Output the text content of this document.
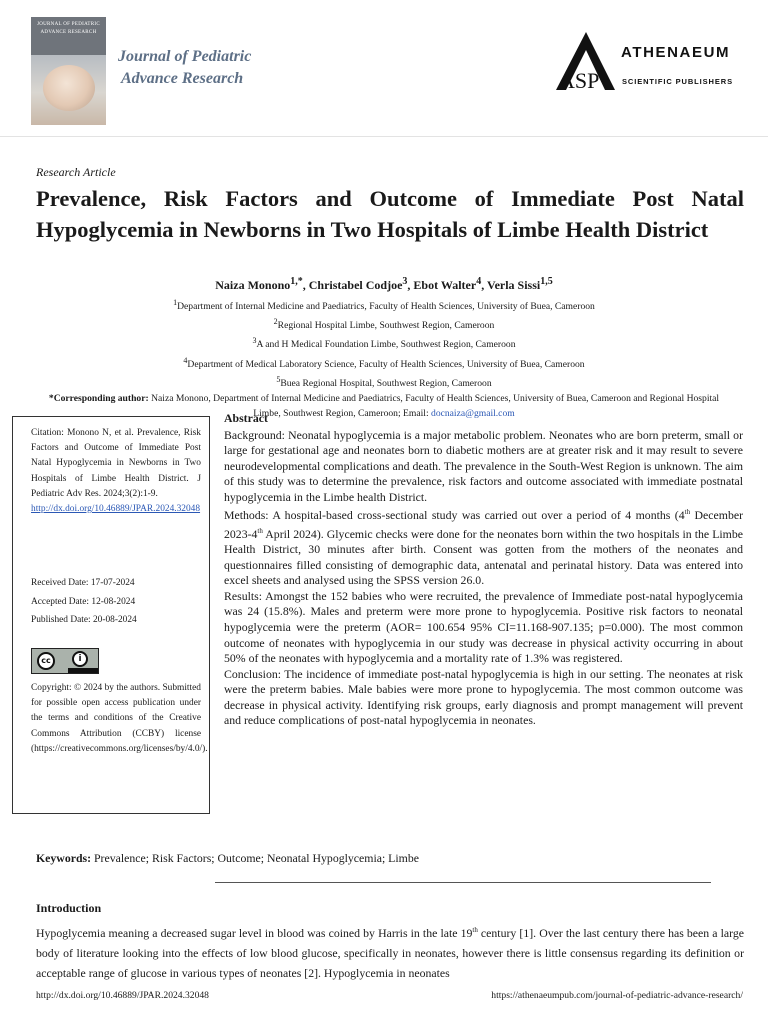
JOURNAL OF PEDIATRIC ADVANCE RESEARCH
Journal of Pediatric
Advance Research	ASP
ATHENAEUM
SCIENTIFIC PUBLISHERS
Research Article
Prevalence, Risk Factors and Outcome of Immediate Post Natal Hypoglycemia in Newborns in Two Hospitals of Limbe Health District
Naiza Monono$^{1,*}$, Christabel Codjoe$^3$, Ebot Walter$^4$, Verla Sissi$^{1,5}$
$^1$Department of Internal Medicine and Paediatrics, Faculty of Health Sciences, University of Buea, Cameroon
$^2$Regional Hospital Limbe, Southwest Region, Cameroon
$^3$A and H Medical Foundation Limbe, Southwest Region, Cameroon
$^4$Department of Medical Laboratory Science, Faculty of Health Sciences, University of Buea, Cameroon
$^5$Buea Regional Hospital, Southwest Region, Cameroon
*Corresponding author: Naiza Monono, Department of Internal Medicine and Paediatrics, Faculty of Health Sciences, University of Buea, Cameroon and Regional Hospital Limbe, Southwest Region, Cameroon; Email: docnaiza@gmail.com
Citation: Monono N, et al. Prevalence, Risk Factors and Outcome of Immediate Post Natal Hypoglycemia in Newborns in Two Hospitals of Limbe Health District. J Pediatric Adv Res. 2024;3(2):1-9.
http://dx.doi.org/10.46889/JPAR.2024.32048
Received Date: 17-07-2024
Accepted Date: 12-08-2024
Published Date: 20-08-2024
cc	i
Copyright: © 2024 by the authors. Submitted for possible open access publication under the terms and conditions of the Creative Commons Attribution (CCBY) license (https://creativecommons.org/licenses/by/4.0/).
Abstract

Background: Neonatal hypoglycemia is a major metabolic problem. Neonates who are born preterm, small or large for gestational age and neonates born to diabetic mothers are at greater risk and it may result to severe neurodevelopmental complications and death. The prevalence in the South-West Region is unknown. The aim of this study was to determine the prevalence, risk factors and outcome associated with immediate postnatal hypoglycemia in the Limbe health District.

Methods: A hospital-based cross-sectional study was carried out over a period of 4 months (4th December 2023-4th April 2024). Glycemic checks were done for the neonates born within the two hospitals in the Limbe Health District, 30 minutes after birth. Consent was gotten from the mothers of the neonates and questionnaires filled consisting of demographic data, antenatal and perinatal history. Data was entered into excel sheets and analysed using the SPSS version 26.0.

Results: Amongst the 152 babies who were recruited, the prevalence of Immediate post-natal hypoglycemia was 24 (15.8%). Males and preterm were more prone to hypoglycemia. Positive risk factors to neonatal hypoglycemia were the preterm (AOR= 100.654 95% CI=11.168-907.135; p=0.000). The most common outcome of neonates with hypoglycemia in our study was decrease in physical activity occurring in about 50% of the neonates with hypoglycemia and a mortality rate of 1.3% was registered.

Conclusion: The incidence of immediate post-natal hypoglycemia is high in our setting. The neonates at risk were the preterm babies. Male babies were more prone to hypoglycemia. The most common outcome was decrease in physical activity. Identifying risk groups, early diagnosis and prompt management will prevent and reduce complications of post-natal hypoglycemia in neonates.

Keywords: Prevalence; Risk Factors; Outcome; Neonatal Hypoglycemia; Limbe
Introduction
Hypoglycemia meaning a decreased sugar level in blood was coined by Harris in the late 19th century [1]. Over the last century there has been a large body of literature looking into the effects of low blood glucose, specifically in neonates, however there is little consensus regarding its definition or acceptable range of glucose in various types of neonates [2]. Hypoglycemia in neonates
http://dx.doi.org/10.46889/JPAR.2024.32048	https://athenaeumpub.com/journal-of-pediatric-advance-research/
